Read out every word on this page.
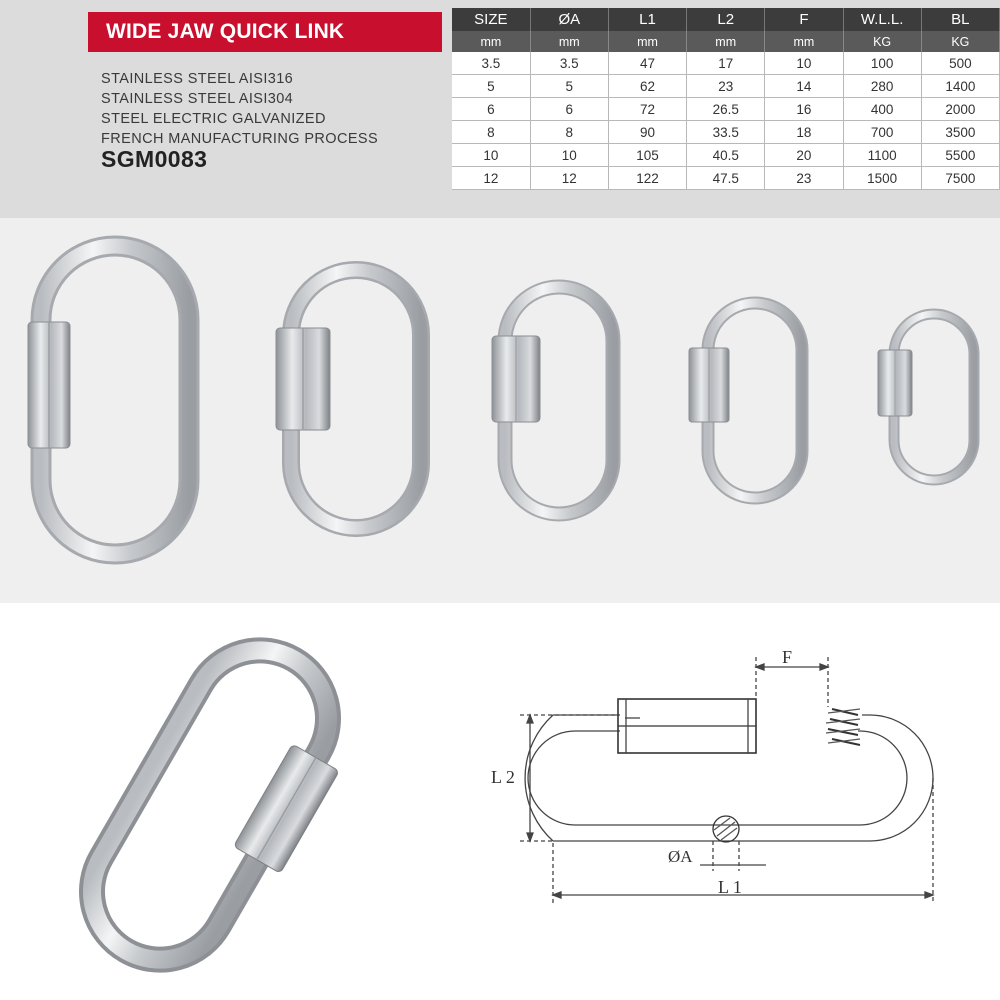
WIDE JAW QUICK LINK
STAINLESS STEEL AISI316
STAINLESS STEEL AISI304
STEEL ELECTRIC GALVANIZED
FRENCH MANUFACTURING PROCESS
SGM0083
SIZE	ØA	L1	L2	F	W.L.L.	BL
mm	mm	mm	mm	mm	KG	KG
3.5	3.5	47	17	10	100	500
5	5	62	23	14	280	1400
6	6	72	26.5	16	400	2000
8	8	90	33.5	18	700	3500
10	10	105	40.5	20	1100	5500
12	12	122	47.5	23	1500	7500
F
L 2
ØA
L 1
